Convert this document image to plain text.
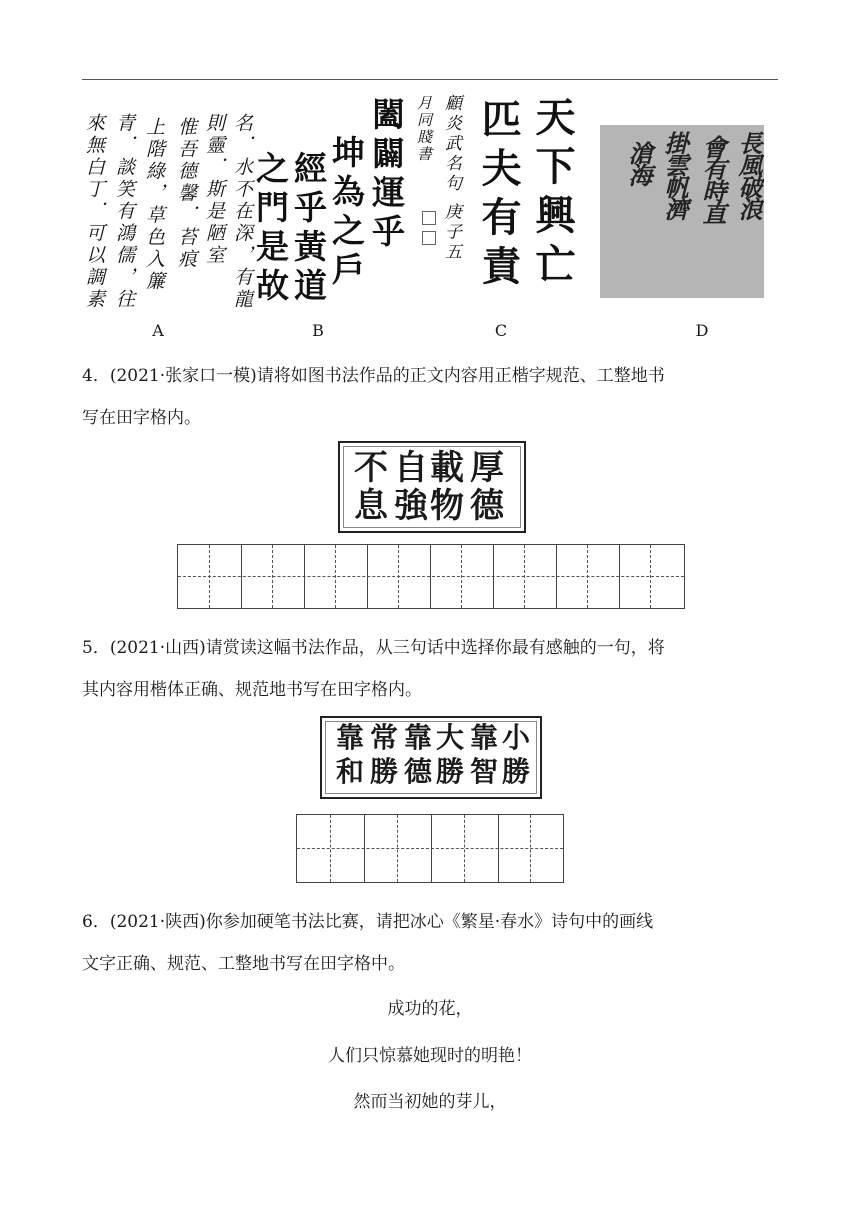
名．水不在深，有龍
則靈．斯是陋室
惟吾德馨．苔痕
上階綠，草色入簾
青．談笑有鴻儒，往
來無白丁．可以調素	月同賤書
闔闢運乎
坤為之戶
經乎黃道
之門是故	顧炎武名句 庚子五 天下興亡
匹夫有責	長風破浪
會有時直
掛雲帆濟
滄海
A	B	C	D
4．(2021·张家口一模)请将如图书法作品的正文内容用正楷字规范、工整地书
写在田字格内。
厚
載
自
不
德
物
強
息
5．(2021·山西)请赏读这幅书法作品，从三句话中选择你最有感触的一句，将
其内容用楷体正确、规范地书写在田字格内。
小
靠
大
靠
常
靠
勝
智
勝
德
勝
和
6．(2021·陕西)你参加硬笔书法比赛，请把冰心《繁星·春水》诗句中的画线
文字正确、规范、工整地书写在田字格中。
成功的花，
人们只惊慕她现时的明艳！
然而当初她的芽儿，
